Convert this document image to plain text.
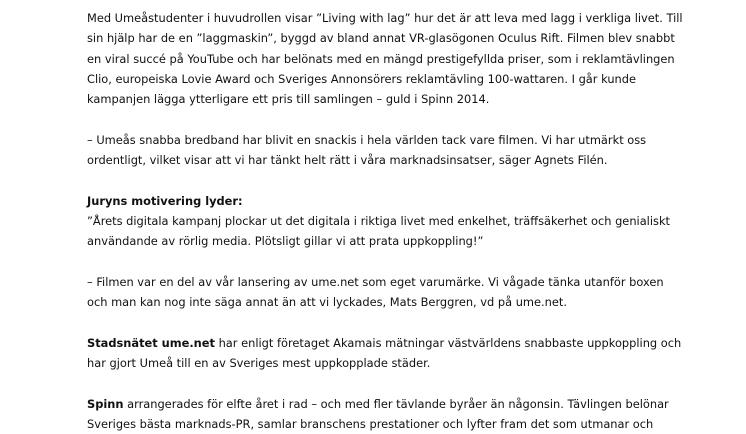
Med Umeåstudenter i huvudrollen visar ”Living with lag” hur det är att leva med lagg i verkliga livet. Till
sin hjälp har de en ”laggmaskin”, byggd av bland annat VR-glasögonen Oculus Rift. Filmen blev snabbt
en viral succé på YouTube och har belönats med en mängd prestigefyllda priser, som i reklamtävlingen
Clio, europeiska Lovie Award och Sveriges Annonsörers reklamtävling 100-wattaren. I går kunde
kampanjen lägga ytterligare ett pris till samlingen – guld i Spinn 2014.

– Umeås snabba bredband har blivit en snackis i hela världen tack vare filmen. Vi har utmärkt oss
ordentligt, vilket visar att vi har tänkt helt rätt i våra marknadsinsatser, säger Agnets Filén.

Juryns motivering lyder:
”Årets digitala kampanj plockar ut det digitala i riktiga livet med enkelhet, träffsäkerhet och genialiskt
användande av rörlig media. Plötsligt gillar vi att prata uppkoppling!”

– Filmen var en del av vår lansering av ume.net som eget varumärke. Vi vågade tänka utanför boxen
och man kan nog inte säga annat än att vi lyckades, Mats Berggren, vd på ume.net.

Stadsnätet ume.net har enligt företaget Akamais mätningar västvärldens snabbaste uppkoppling och
har gjort Umeå till en av Sveriges mest uppkopplade städer.

Spinn arrangerades för elfte året i rad – och med fler tävlande byråer än någonsin. Tävlingen belönar
Sveriges bästa marknads-PR, samlar branschens prestationer och lyfter fram det som utmanar och
